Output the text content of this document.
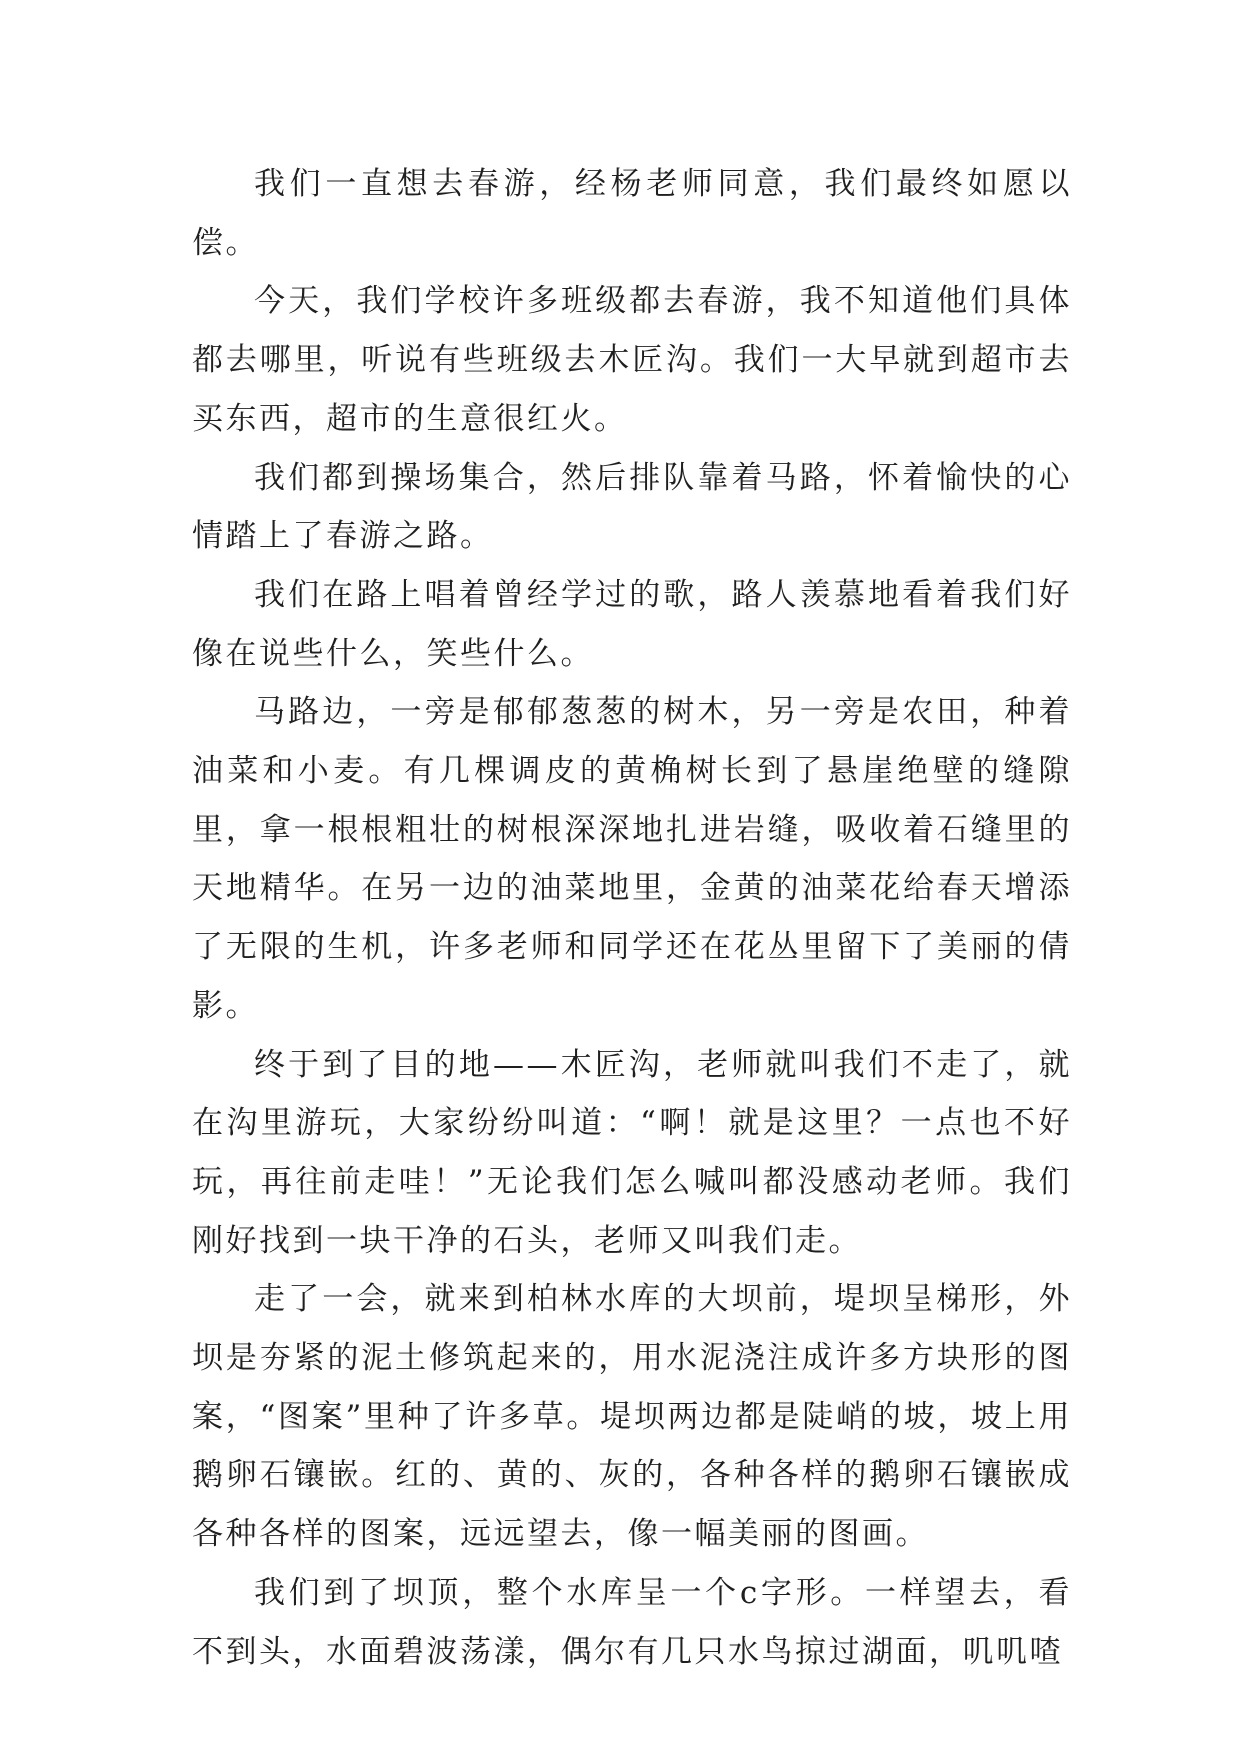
我们一直想去春游，经杨老师同意，我们最终如愿以偿。

今天，我们学校许多班级都去春游，我不知道他们具体都去哪里，听说有些班级去木匠沟。我们一大早就到超市去买东西，超市的生意很红火。

我们都到操场集合，然后排队靠着马路，怀着愉快的心情踏上了春游之路。

我们在路上唱着曾经学过的歌，路人羡慕地看着我们好像在说些什么，笑些什么。

马路边，一旁是郁郁葱葱的树木，另一旁是农田，种着油菜和小麦。有几棵调皮的黄桷树长到了悬崖绝壁的缝隙里，拿一根根粗壮的树根深深地扎进岩缝，吸收着石缝里的天地精华。在另一边的油菜地里，金黄的油菜花给春天增添了无限的生机，许多老师和同学还在花丛里留下了美丽的倩影。

终于到了目的地——木匠沟，老师就叫我们不走了，就在沟里游玩，大家纷纷叫道：“啊！就是这里？一点也不好玩，再往前走哇！”无论我们怎么喊叫都没感动老师。我们刚好找到一块干净的石头，老师又叫我们走。

走了一会，就来到柏林水库的大坝前，堤坝呈梯形，外坝是夯紧的泥土修筑起来的，用水泥浇注成许多方块形的图案，“图案”里种了许多草。堤坝两边都是陡峭的坡，坡上用鹅卵石镶嵌。红的、黄的、灰的，各种各样的鹅卵石镶嵌成各种各样的图案，远远望去，像一幅美丽的图画。

我们到了坝顶，整个水库呈一个c字形。一样望去，看不到头，水面碧波荡漾，偶尔有几只水鸟掠过湖面，叽叽喳
